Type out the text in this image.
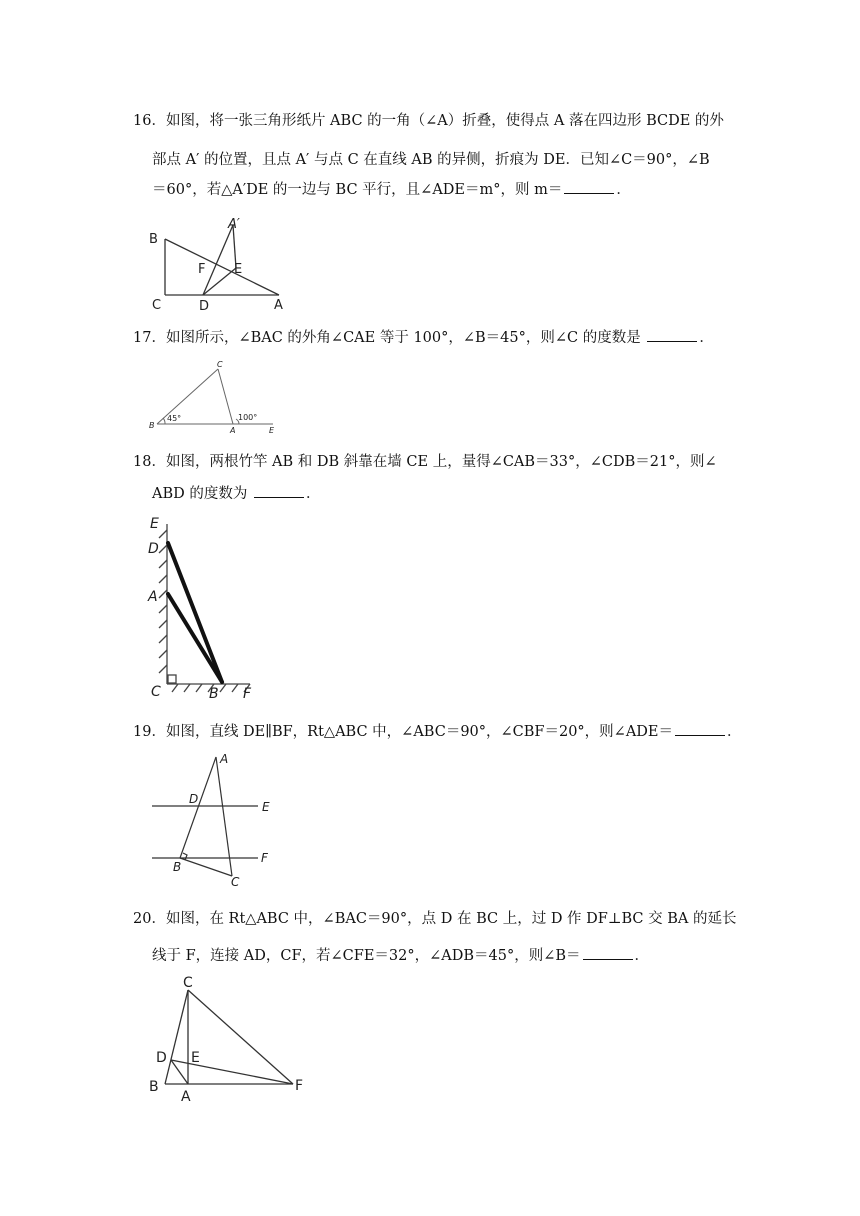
16．如图，将一张三角形纸片 ABC 的一角（∠A）折叠，使得点 A 落在四边形 BCDE 的外
部点 A′ 的位置，且点 A′ 与点 C 在直线 AB 的异侧，折痕为 DE．已知∠C＝90°，∠B
＝60°，若△A′DE 的一边与 BC 平行，且∠ADE＝m°，则 m＝	．
B
A′
F E
C	D	A
17．如图所示，∠BAC 的外角∠CAE 等于 100°，∠B＝45°，则∠C 的度数是	．
C
B
45°
A
100°
E
18．如图，两根竹竿 AB 和 DB 斜靠在墙 CE 上，量得∠CAB＝33°，∠CDB＝21°，则∠
ABD 的度数为	．
E
D
A
C	B F
19．如图，直线 DE∥BF，Rt△ABC 中，∠ABC＝90°，∠CBF＝20°，则∠ADE＝	．
A
D
E
B
F
C
20．如图，在 Rt△ABC 中，∠BAC＝90°，点 D 在 BC 上，过 D 作 DF⊥BC 交 BA 的延长
线于 F，连接 AD，CF，若∠CFE＝32°，∠ADB＝45°，则∠B＝	．
C
D E
B
A
F
